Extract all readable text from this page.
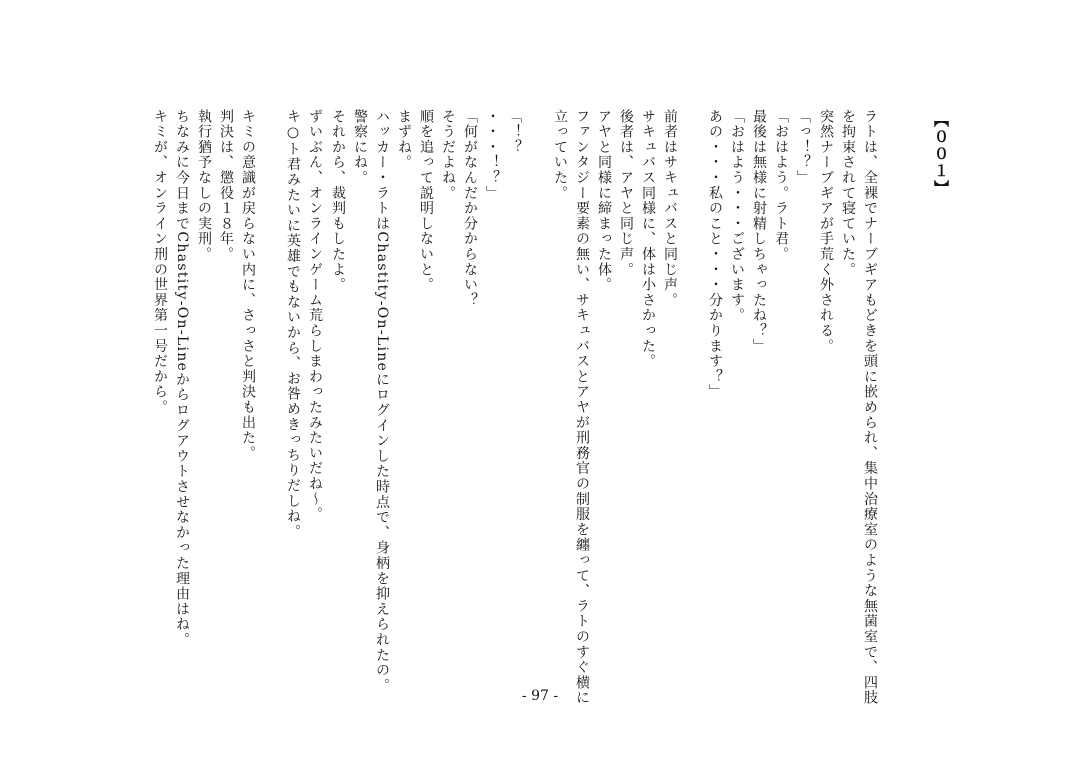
【００１】
ラトは、全裸でナーブギアもどきを頭に嵌められ、集中治療室のような無菌室で、四肢
を拘束されて寝ていた。
突然ナーブギアが手荒く外される。
「っ！？」
「おはよう。ラト君。
最後は無様に射精しちゃったね？」
「おはよう・・・ございます。
あの・・・私のこと・・・分かります？」
前者はサキュバスと同じ声。
サキュバス同様に、体は小さかった。
後者は、アヤと同じ声。
アヤと同様に締まった体。
ファンタジー要素の無い、サキュバスとアヤが刑務官の制服を纏って、ラトのすぐ横に
立っていた。
「！？
・・・！？」
「何がなんだか分からない？
そうだよね。
順を追って説明しないと。
まずね。
ハッカー・ラトはChastity-On-Lineにログインした時点で、身柄を抑えられたの。
警察にね。
それから、裁判もしたよ。
ずいぶん、オンラインゲーム荒らしまわったみたいだね～。
キ○ト君みたいに英雄でもないから、お咎めきっちりだしね。
キミの意識が戻らない内に、さっさと判決も出た。
判決は、懲役１８年。
執行猶予なしの実刑。
ちなみに今日までChastity-On-Lineからログアウトさせなかった理由はね。
キミが、オンライン刑の世界第一号だから。
- 97 -
